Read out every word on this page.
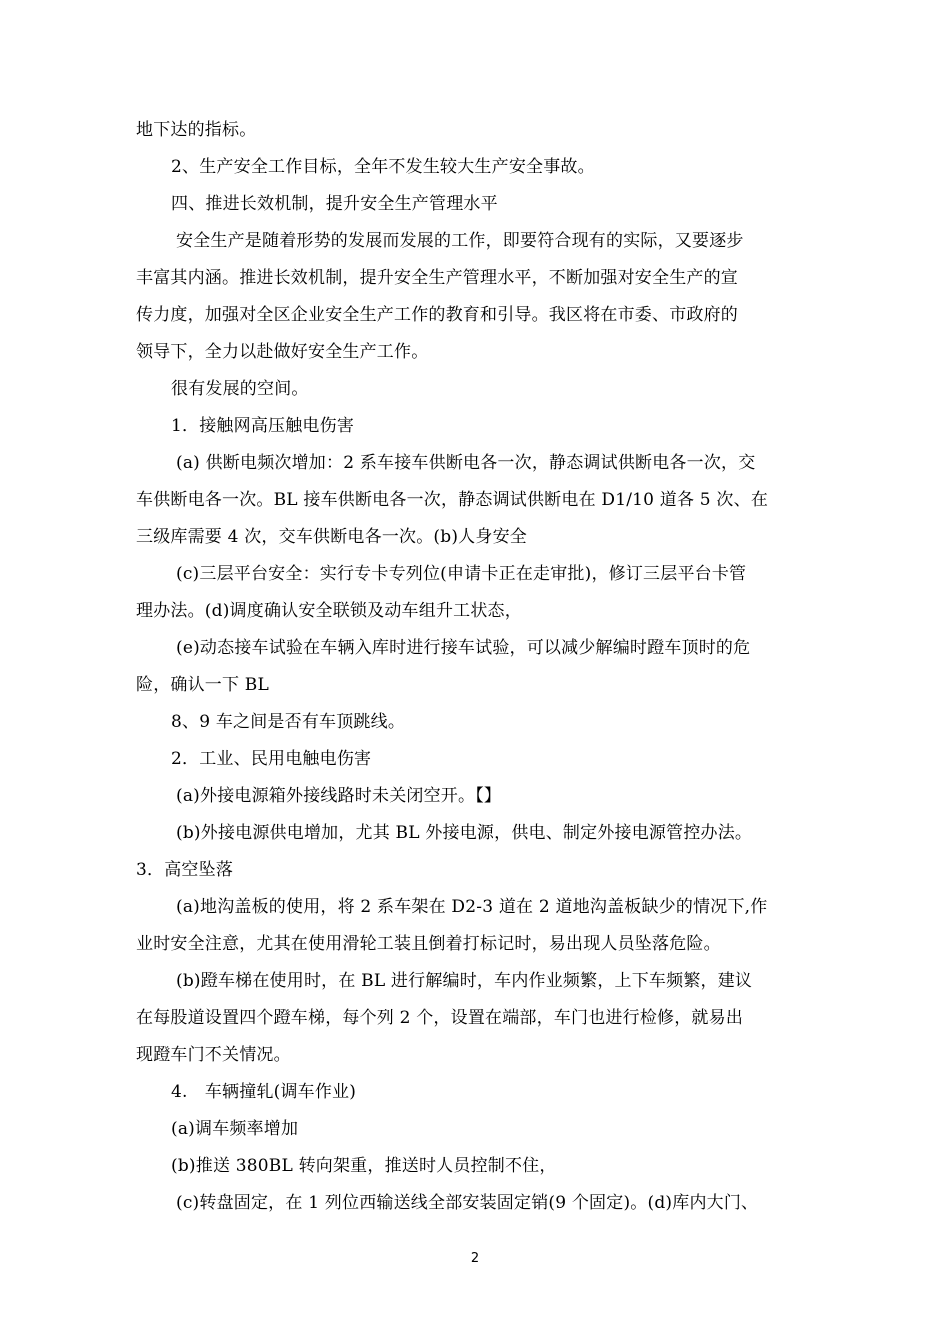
地下达的指标。
2、生产安全工作目标，全年不发生较大生产安全事故。
四、推进长效机制，提升安全生产管理水平
安全生产是随着形势的发展而发展的工作，即要符合现有的实际，又要逐步
丰富其内涵。推进长效机制，提升安全生产管理水平，不断加强对安全生产的宣
传力度，加强对全区企业安全生产工作的教育和引导。我区将在市委、市政府的
领导下，全力以赴做好安全生产工作。
很有发展的空间。
1．接触网高压触电伤害
(a) 供断电频次增加：2 系车接车供断电各一次，静态调试供断电各一次，交
车供断电各一次。BL 接车供断电各一次，静态调试供断电在 D1/10 道各 5 次、在
三级库需要 4 次，交车供断电各一次。(b)人身安全
(c)三层平台安全：实行专卡专列位(申请卡正在走审批)，修订三层平台卡管
理办法。(d)调度确认安全联锁及动车组升工状态，
(e)动态接车试验在车辆入库时进行接车试验，可以减少解编时蹬车顶时的危
险，确认一下 BL
8、9 车之间是否有车顶跳线。
2．工业、民用电触电伤害
(a)外接电源箱外接线路时未关闭空开。【】
(b)外接电源供电增加，尤其 BL 外接电源，供电、制定外接电源管控办法。
3．高空坠落
(a)地沟盖板的使用，将 2 系车架在 D2-3 道在 2 道地沟盖板缺少的情况下,作
业时安全注意，尤其在使用滑轮工装且倒着打标记时，易出现人员坠落危险。
(b)蹬车梯在使用时，在 BL 进行解编时，车内作业频繁，上下车频繁，建议
在每股道设置四个蹬车梯，每个列 2 个，设置在端部，车门也进行检修，就易出
现蹬车门不关情况。
4.　车辆撞轧(调车作业)
(a)调车频率增加
(b)推送 380BL 转向架重，推送时人员控制不住，
(c)转盘固定，在 1 列位西输送线全部安装固定销(9 个固定)。(d)库内大门、
2
